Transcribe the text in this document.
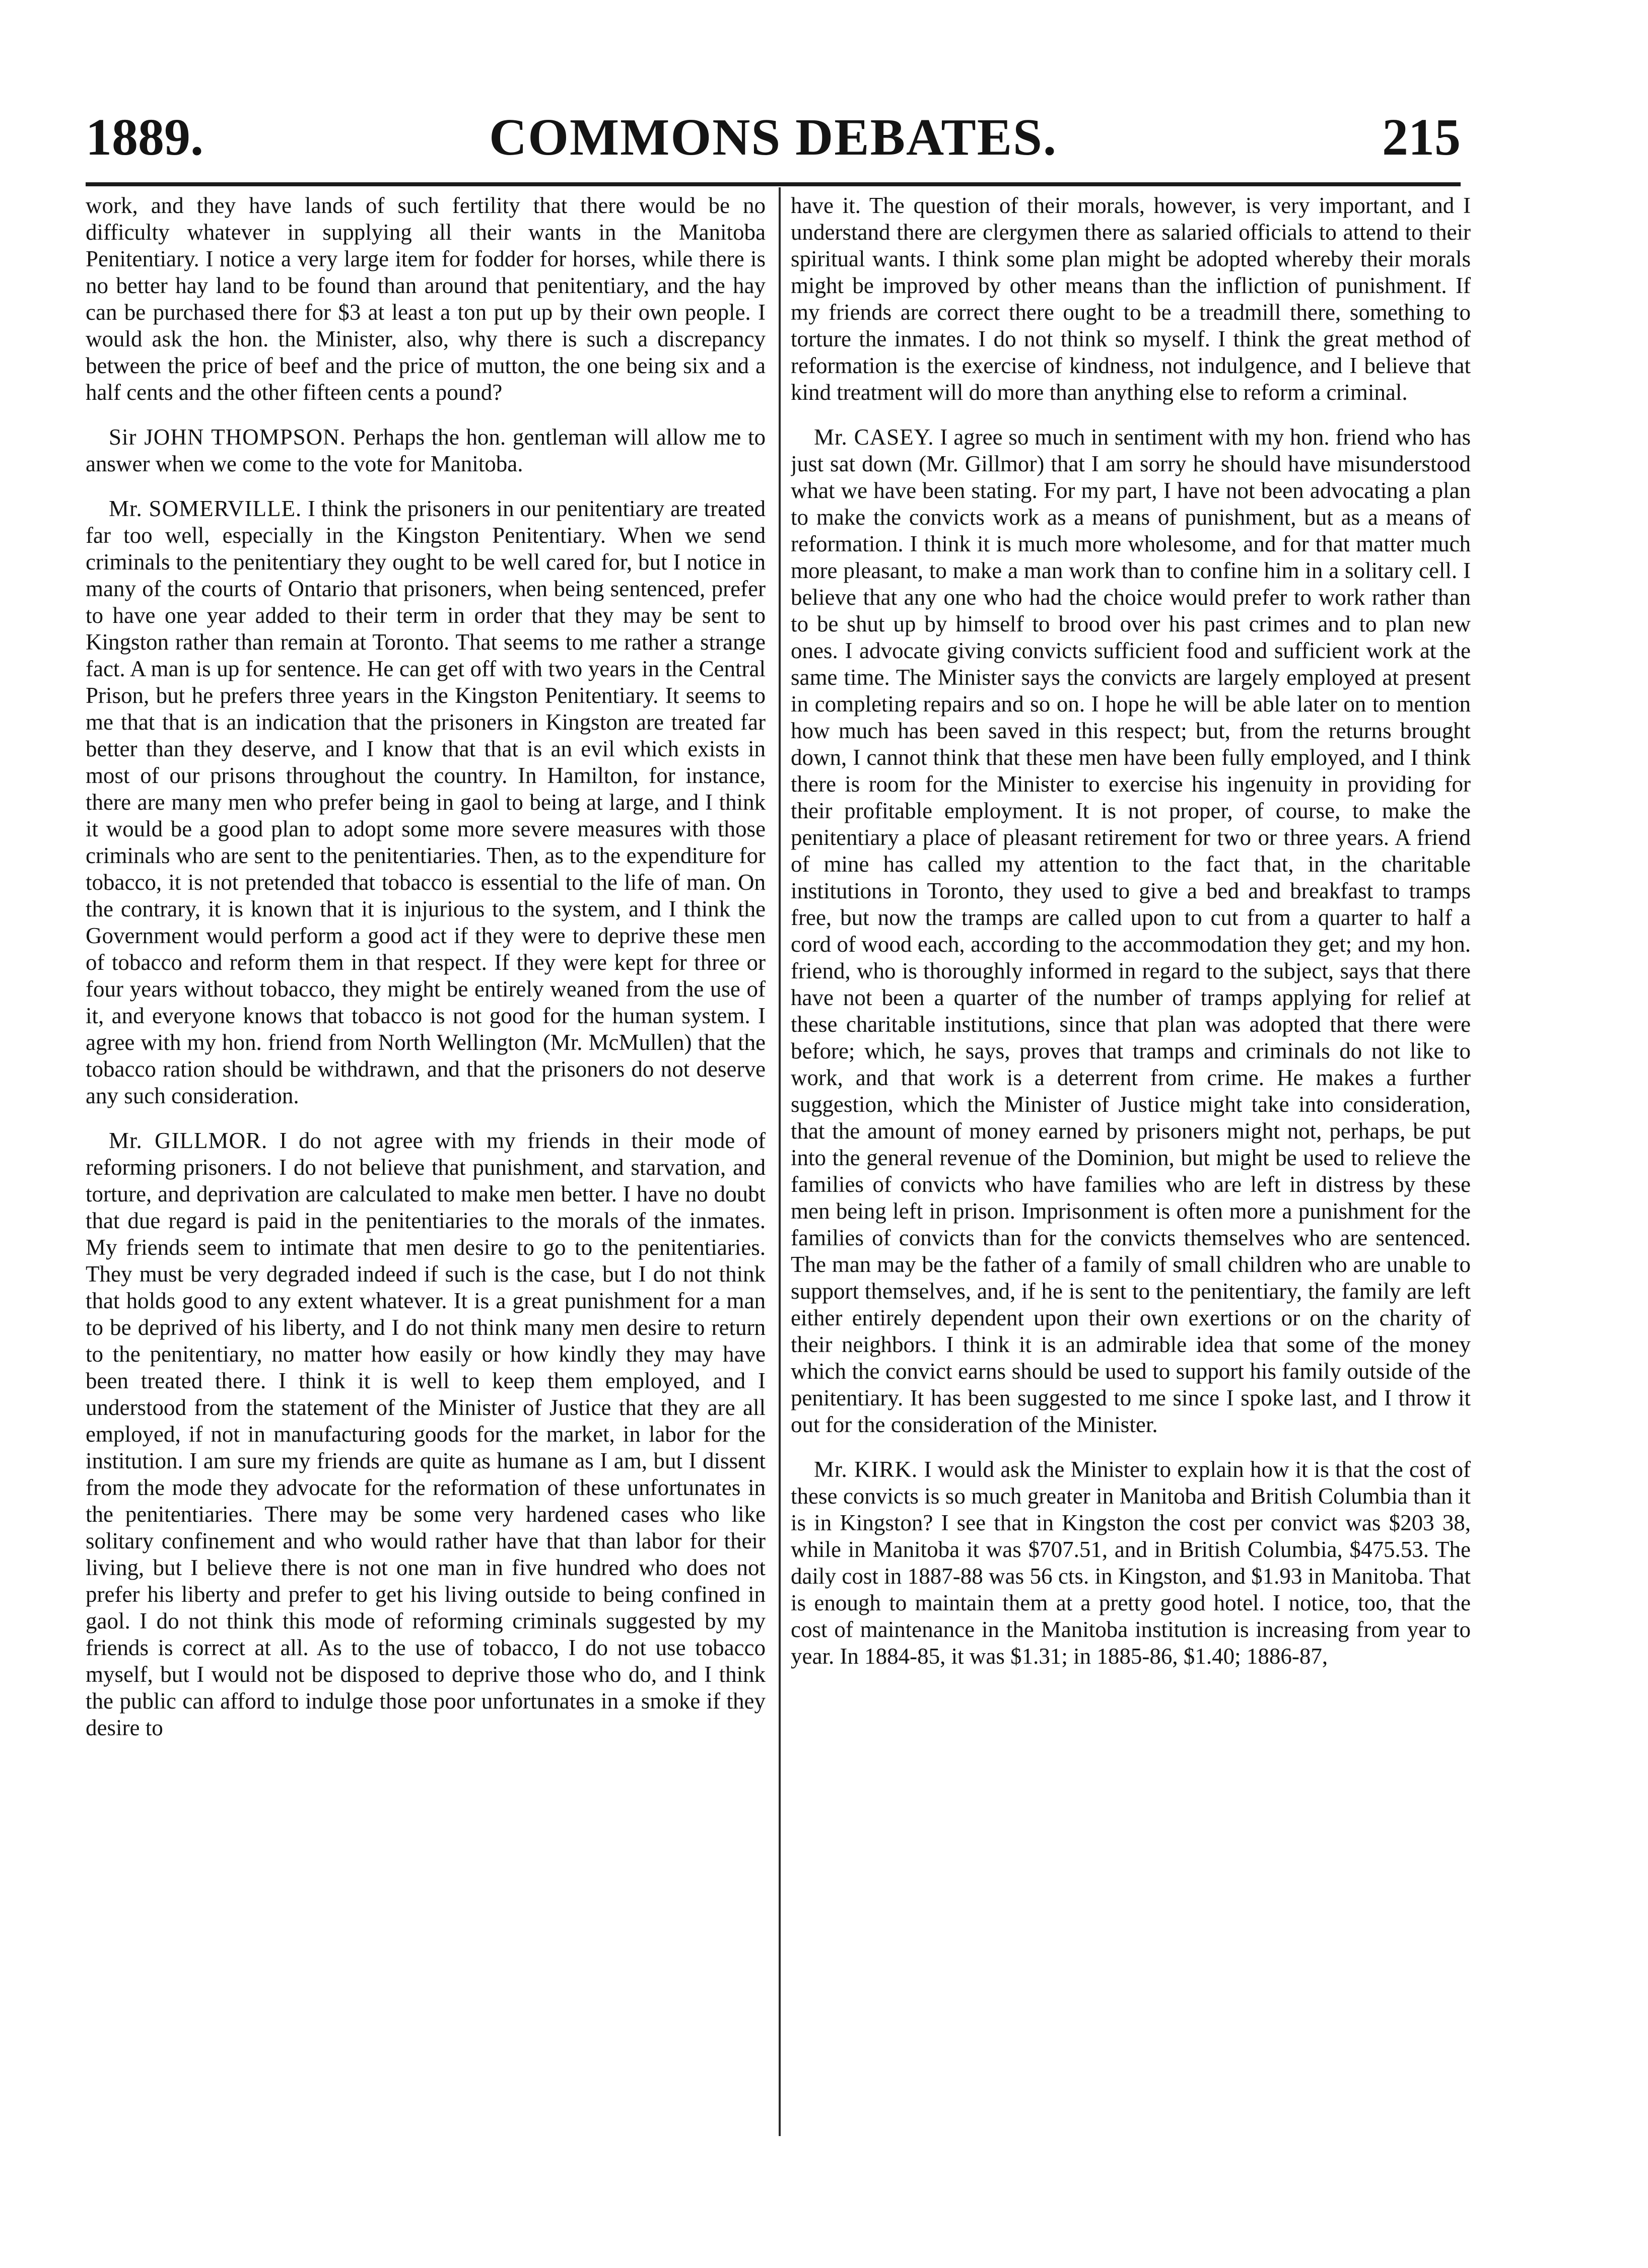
1889.	COMMONS DEBATES.	215

work, and they have lands of such fertility that there would be no difficulty whatever in supplying all their wants in the Manitoba Penitentiary. I notice a very large item for fodder for horses, while there is no better hay land to be found than around that penitentiary, and the hay can be purchased there for $3 at least a ton put up by their own people. I would ask the hon. the Minister, also, why there is such a discrepancy between the price of beef and the price of mutton, the one being six and a half cents and the other fifteen cents a pound?

Sir JOHN THOMPSON. Perhaps the hon. gentleman will allow me to answer when we come to the vote for Manitoba.

Mr. SOMERVILLE. I think the prisoners in our penitentiary are treated far too well, especially in the Kingston Penitentiary. When we send criminals to the penitentiary they ought to be well cared for, but I notice in many of the courts of Ontario that prisoners, when being sentenced, prefer to have one year added to their term in order that they may be sent to Kingston rather than remain at Toronto. That seems to me rather a strange fact. A man is up for sentence. He can get off with two years in the Central Prison, but he prefers three years in the Kingston Penitentiary. It seems to me that that is an indication that the prisoners in Kingston are treated far better than they deserve, and I know that that is an evil which exists in most of our prisons throughout the country. In Hamilton, for instance, there are many men who prefer being in gaol to being at large, and I think it would be a good plan to adopt some more severe measures with those criminals who are sent to the penitentiaries. Then, as to the expenditure for tobacco, it is not pretended that tobacco is essential to the life of man. On the contrary, it is known that it is injurious to the system, and I think the Government would perform a good act if they were to deprive these men of tobacco and reform them in that respect. If they were kept for three or four years without tobacco, they might be entirely weaned from the use of it, and everyone knows that tobacco is not good for the human system. I agree with my hon. friend from North Wellington (Mr. McMullen) that the tobacco ration should be withdrawn, and that the prisoners do not deserve any such consideration.

Mr. GILLMOR. I do not agree with my friends in their mode of reforming prisoners. I do not believe that punishment, and starvation, and torture, and deprivation are calculated to make men better. I have no doubt that due regard is paid in the penitentiaries to the morals of the inmates. My friends seem to intimate that men desire to go to the penitentiaries. They must be very degraded indeed if such is the case, but I do not think that holds good to any extent whatever. It is a great punishment for a man to be deprived of his liberty, and I do not think many men desire to return to the penitentiary, no matter how easily or how kindly they may have been treated there. I think it is well to keep them employed, and I understood from the statement of the Minister of Justice that they are all employed, if not in manufacturing goods for the market, in labor for the institution. I am sure my friends are quite as humane as I am, but I dissent from the mode they advocate for the reformation of these unfortunates in the penitentiaries. There may be some very hardened cases who like solitary confinement and who would rather have that than labor for their living, but I believe there is not one man in five hundred who does not prefer his liberty and prefer to get his living outside to being confined in gaol. I do not think this mode of reforming criminals suggested by my friends is correct at all. As to the use of tobacco, I do not use tobacco myself, but I would not be disposed to deprive those who do, and I think the public can afford to indulge those poor unfortunates in a smoke if they desire to

have it. The question of their morals, however, is very important, and I understand there are clergymen there as salaried officials to attend to their spiritual wants. I think some plan might be adopted whereby their morals might be improved by other means than the infliction of punishment. If my friends are correct there ought to be a treadmill there, something to torture the inmates. I do not think so myself. I think the great method of reformation is the exercise of kindness, not indulgence, and I believe that kind treatment will do more than anything else to reform a criminal.

Mr. CASEY. I agree so much in sentiment with my hon. friend who has just sat down (Mr. Gillmor) that I am sorry he should have misunderstood what we have been stating. For my part, I have not been advocating a plan to make the convicts work as a means of punishment, but as a means of reformation. I think it is much more wholesome, and for that matter much more pleasant, to make a man work than to confine him in a solitary cell. I believe that any one who had the choice would prefer to work rather than to be shut up by himself to brood over his past crimes and to plan new ones. I advocate giving convicts sufficient food and sufficient work at the same time. The Minister says the convicts are largely employed at present in completing repairs and so on. I hope he will be able later on to mention how much has been saved in this respect; but, from the returns brought down, I cannot think that these men have been fully employed, and I think there is room for the Minister to exercise his ingenuity in providing for their profitable employment. It is not proper, of course, to make the penitentiary a place of pleasant retirement for two or three years. A friend of mine has called my attention to the fact that, in the charitable institutions in Toronto, they used to give a bed and breakfast to tramps free, but now the tramps are called upon to cut from a quarter to half a cord of wood each, according to the accommodation they get; and my hon. friend, who is thoroughly informed in regard to the subject, says that there have not been a quarter of the number of tramps applying for relief at these charitable institutions, since that plan was adopted that there were before; which, he says, proves that tramps and criminals do not like to work, and that work is a deterrent from crime. He makes a further suggestion, which the Minister of Justice might take into consideration, that the amount of money earned by prisoners might not, perhaps, be put into the general revenue of the Dominion, but might be used to relieve the families of convicts who have families who are left in distress by these men being left in prison. Imprisonment is often more a punishment for the families of convicts than for the convicts themselves who are sentenced. The man may be the father of a family of small children who are unable to support themselves, and, if he is sent to the penitentiary, the family are left either entirely dependent upon their own exertions or on the charity of their neighbors. I think it is an admirable idea that some of the money which the convict earns should be used to support his family outside of the penitentiary. It has been suggested to me since I spoke last, and I throw it out for the consideration of the Minister.

Mr. KIRK. I would ask the Minister to explain how it is that the cost of these convicts is so much greater in Manitoba and British Columbia than it is in Kingston? I see that in Kingston the cost per convict was $203 38, while in Manitoba it was $707.51, and in British Columbia, $475.53. The daily cost in 1887-88 was 56 cts. in Kingston, and $1.93 in Manitoba. That is enough to maintain them at a pretty good hotel. I notice, too, that the cost of maintenance in the Manitoba institution is increasing from year to year. In 1884-85, it was $1.31; in 1885-86, $1.40; 1886-87,
